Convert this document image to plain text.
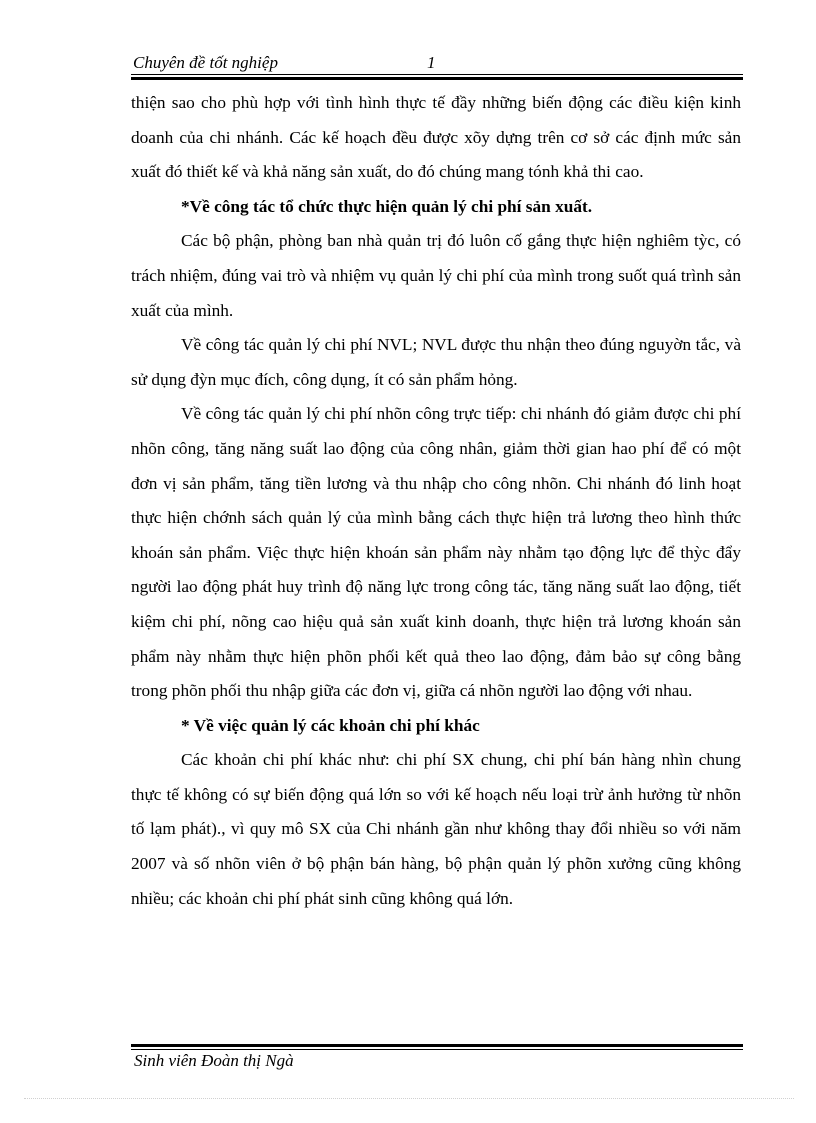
Chuyên đề tốt nghiệp	1

thiện sao cho phù hợp với tình hình thực tế đầy những biến động các điều kiện kinh doanh của chi nhánh. Các kế hoạch đều được xõy dựng trên cơ sở các định mức sản xuất đó thiết kế và khả năng sản xuất, do đó chúng mang tónh khả thi cao.

*Về công tác tổ chức thực hiện quản lý chi phí sản xuất.

Các bộ phận, phòng ban nhà quản trị đó luôn cố gắng thực hiện nghiêm tỳc, có trách nhiệm, đúng vai trò và nhiệm vụ quản lý chi phí của mình trong suốt quá trình sản xuất của mình.

Về công tác quản lý chi phí NVL; NVL được thu nhận theo đúng nguyờn tắc, và sử dụng đỳn mục đích, công dụng, ít có sản phẩm hỏng.

Về công tác quản lý chi phí nhõn công trực tiếp: chi nhánh đó giảm được chi phí nhõn công, tăng năng suất lao động của công nhân, giảm thời gian hao phí để có một đơn vị sản phẩm, tăng tiền lương và thu nhập cho công nhõn. Chi nhánh đó linh hoạt thực hiện chớnh sách quản lý của mình bằng cách thực hiện trả lương theo hình thức khoán sản phẩm. Việc thực hiện khoán sản phẩm này nhằm tạo động lực để thỳc đẩy người lao động phát huy trình độ năng lực trong công tác, tăng năng suất lao động, tiết kiệm chi phí, nõng cao hiệu quả sản xuất kinh doanh, thực hiện trả lương khoán sản phẩm này nhằm thực hiện phõn phối kết quả theo lao động, đảm bảo sự công bằng trong phõn phối thu nhập giữa các đơn vị, giữa cá nhõn người lao động với nhau.

* Về việc quản lý các khoản chi phí khác

Các khoản chi phí khác như: chi phí SX chung, chi phí bán hàng nhìn chung thực tế không có sự biến động quá lớn so với kế hoạch nếu loại trừ ảnh hưởng từ nhõn tố lạm phát)., vì quy mô SX của Chi nhánh gần như không thay đổi nhiều so với năm 2007 và số nhõn viên ở bộ phận bán hàng, bộ phận quản lý phõn xưởng cũng không nhiều; các khoản chi phí phát sinh cũng không quá lớn.

Sinh viên Đoàn thị Ngà
